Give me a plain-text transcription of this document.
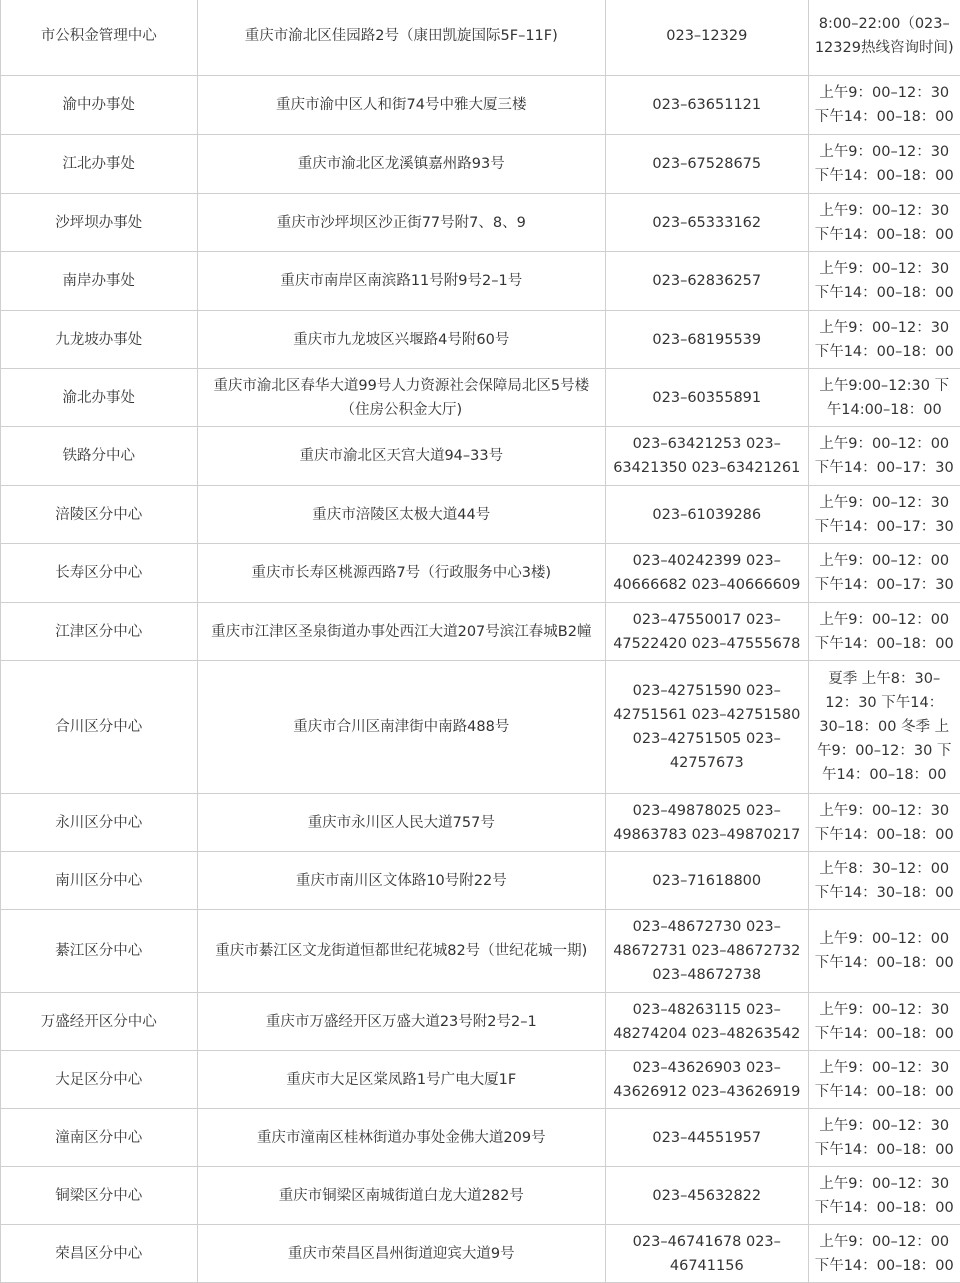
市公积金管理中心	重庆市渝北区佳园路2号（康田凯旋国际5F–11F)	023–12329	8:00–22:00（023–12329热线咨询时间)	

渝中办事处	重庆市渝中区人和街74号中雅大厦三楼	023–63651121	上午9：00–12：30 下午14：00–18：00	

江北办事处	重庆市渝北区龙溪镇嘉州路93号	023–67528675	上午9：00–12：30 下午14：00–18：00	

沙坪坝办事处	重庆市沙坪坝区沙正街77号附7、8、9	023–65333162	上午9：00–12：30 下午14：00–18：00	

南岸办事处	重庆市南岸区南滨路11号附9号2–1号	023–62836257	上午9：00–12：30 下午14：00–18：00	

九龙坡办事处	重庆市九龙坡区兴堰路4号附60号	023–68195539	上午9：00–12：30 下午14：00–18：00	

渝北办事处	重庆市渝北区春华大道99号人力资源社会保障局北区5号楼（住房公积金大厅)	023–60355891	上午9:00–12:30 下午14:00–18：00	

铁路分中心	重庆市渝北区天宫大道94–33号	023–63421253 023–63421350 023–63421261	上午9：00–12：00 下午14：00–17：30	

涪陵区分中心	重庆市涪陵区太极大道44号	023–61039286	上午9：00–12：30 下午14：00–17：30	

长寿区分中心	重庆市长寿区桃源西路7号（行政服务中心3楼)	023–40242399 023–40666682 023–40666609	上午9：00–12：00 下午14：00–17：30	

江津区分中心	重庆市江津区圣泉街道办事处西江大道207号滨江春城B2幢	023–47550017 023–47522420 023–47555678	上午9：00–12：00 下午14：00–18：00	

合川区分中心	重庆市合川区南津街中南路488号	023–42751590 023–42751561 023–42751580 023–42751505 023–42757673	夏季 上午8：30–12：30 下午14：30–18：00 冬季 上午9：00–12：30 下午14：00–18：00	

永川区分中心	重庆市永川区人民大道757号	023–49878025 023–49863783 023–49870217	上午9：00–12：30 下午14：00–18：00	

南川区分中心	重庆市南川区文体路10号附22号	023–71618800	上午8：30–12：00 下午14：30–18：00	

綦江区分中心	重庆市綦江区文龙街道恒都世纪花城82号（世纪花城一期)	023–48672730 023–48672731 023–48672732 023–48672738	上午9：00–12：00 下午14：00–18：00	

万盛经开区分中心	重庆市万盛经开区万盛大道23号附2号2–1	023–48263115 023–48274204 023–48263542	上午9：00–12：30 下午14：00–18：00	

大足区分中心	重庆市大足区棠凤路1号广电大厦1F	023–43626903 023–43626912 023–43626919	上午9：00–12：30 下午14：00–18：00	

潼南区分中心	重庆市潼南区桂林街道办事处金佛大道209号	023–44551957	上午9：00–12：30 下午14：00–18：00	

铜梁区分中心	重庆市铜梁区南城街道白龙大道282号	023–45632822	上午9：00–12：30 下午14：00–18：00	

荣昌区分中心	重庆市荣昌区昌州街道迎宾大道9号	023–46741678 023–46741156	上午9：00–12：00 下午14：00–18：00	
